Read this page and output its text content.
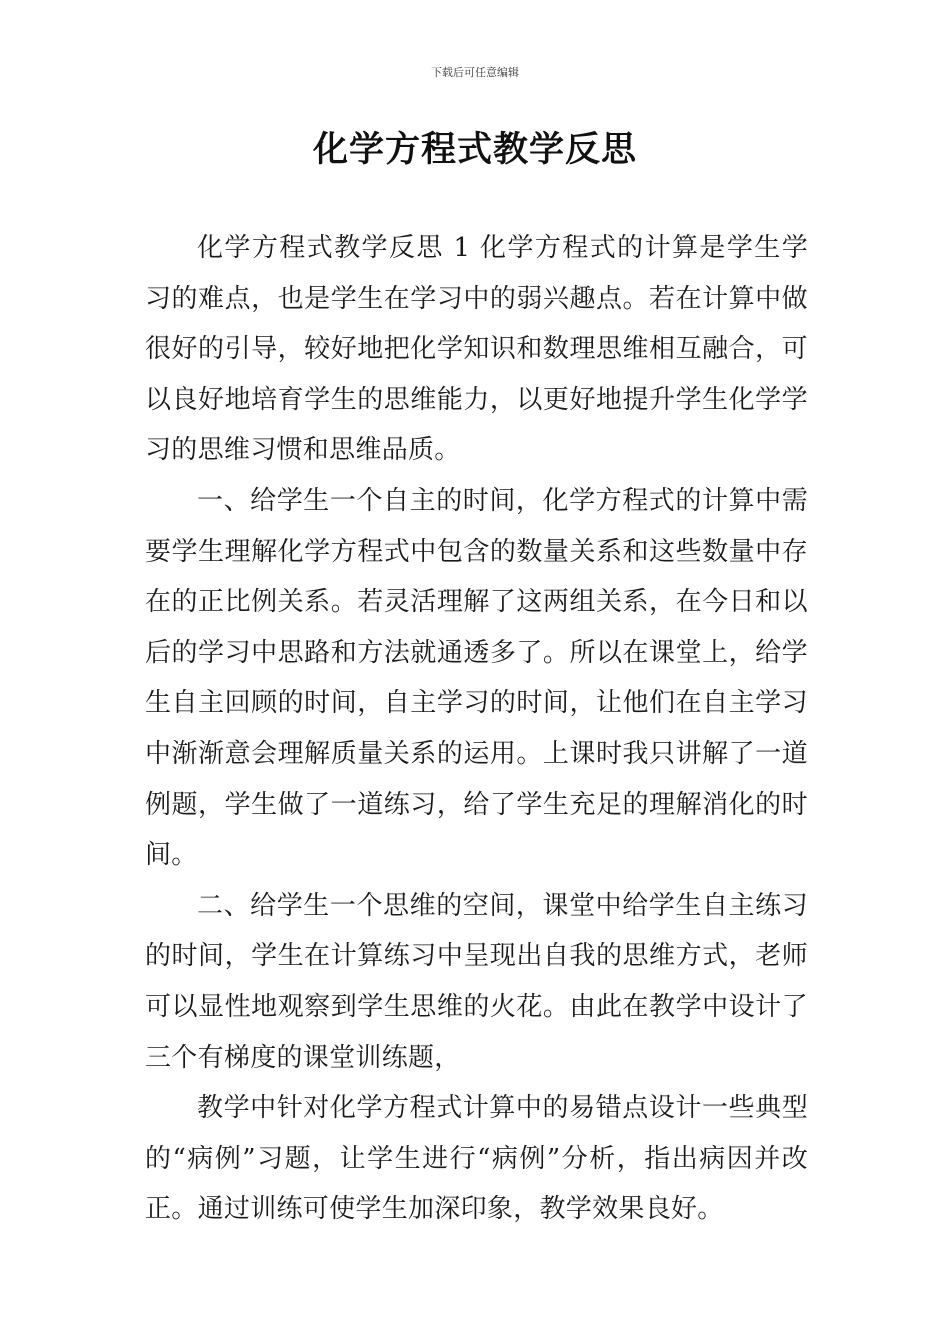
下载后可任意编辑
化学方程式教学反思

化学方程式教学反思 1 化学方程式的计算是学生学习的难点，也是学生在学习中的弱兴趣点。若在计算中做很好的引导，较好地把化学知识和数理思维相互融合，可以良好地培育学生的思维能力，以更好地提升学生化学学习的思维习惯和思维品质。

一、给学生一个自主的时间，化学方程式的计算中需要学生理解化学方程式中包含的数量关系和这些数量中存在的正比例关系。若灵活理解了这两组关系，在今日和以后的学习中思路和方法就通透多了。所以在课堂上，给学生自主回顾的时间，自主学习的时间，让他们在自主学习中渐渐意会理解质量关系的运用。上课时我只讲解了一道例题，学生做了一道练习，给了学生充足的理解消化的时间。

二、给学生一个思维的空间，课堂中给学生自主练习的时间，学生在计算练习中呈现出自我的思维方式，老师可以显性地观察到学生思维的火花。由此在教学中设计了三个有梯度的课堂训练题，

教学中针对化学方程式计算中的易错点设计一些典型的“病例”习题，让学生进行“病例”分析，指出病因并改正。通过训练可使学生加深印象，教学效果良好。
